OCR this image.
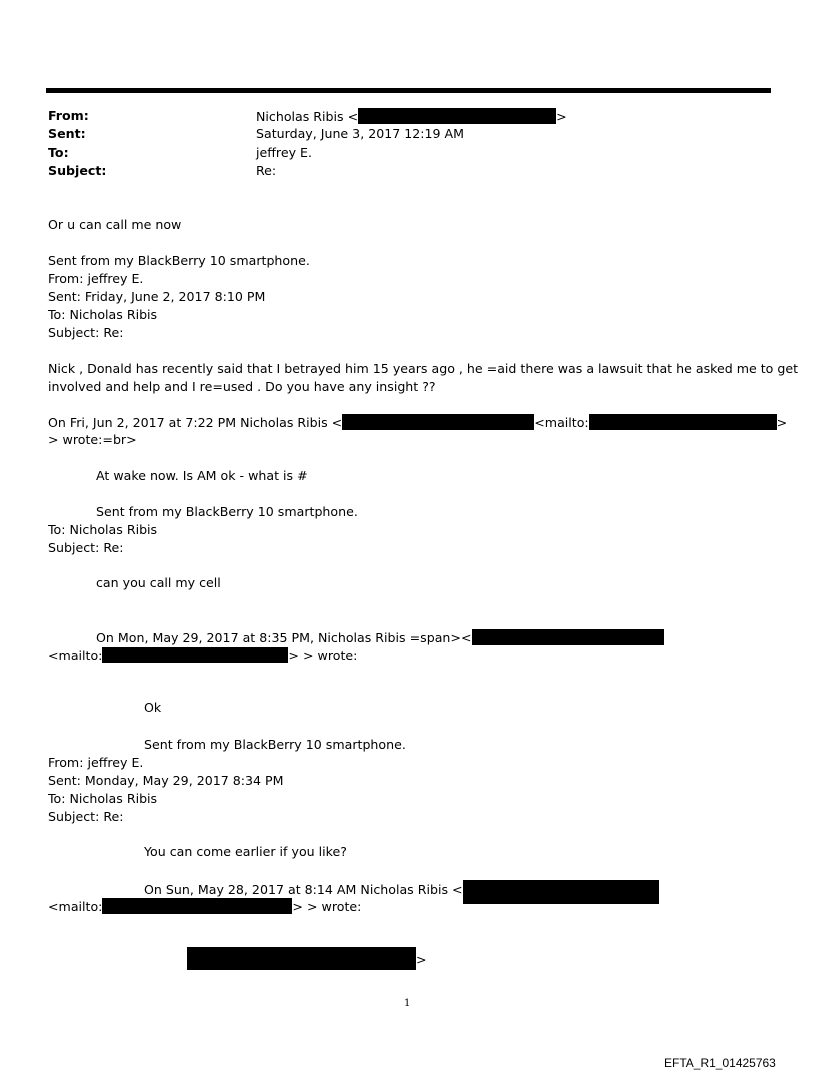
From:	Nicholas Ribis <	>
Sent:	Saturday, June 3, 2017 12:19 AM
To:	jeffrey E.
Subject:	Re:
Or u can call me now
Sent from my BlackBerry 10 smartphone.
From: jeffrey E.
Sent: Friday, June 2, 2017 8:10 PM
To: Nicholas Ribis
Subject: Re:
Nick , Donald has recently said that I betrayed him 15 years ago , he =aid there was a lawsuit that he asked me to get
involved and help and I re=used . Do you have any insight ??
On Fri, Jun 2, 2017 at 7:22 PM Nicholas Ribis <	<mailto:	>
> wrote:=br>
At wake now. Is AM ok - what is #
Sent from my BlackBerry 10 smartphone.
To: Nicholas Ribis
Subject: Re:
can you call my cell
On Mon, May 29, 2017 at 8:35 PM, Nicholas Ribis =span><
<mailto:	> > wrote:
Ok
Sent from my BlackBerry 10 smartphone.
From: jeffrey E.
Sent: Monday, May 29, 2017 8:34 PM
To: Nicholas Ribis
Subject: Re:
You can come earlier if you like?
On Sun, May 28, 2017 at 8:14 AM Nicholas Ribis <
<mailto:	> > wrote:
>
1
EFTA_R1_01425763
